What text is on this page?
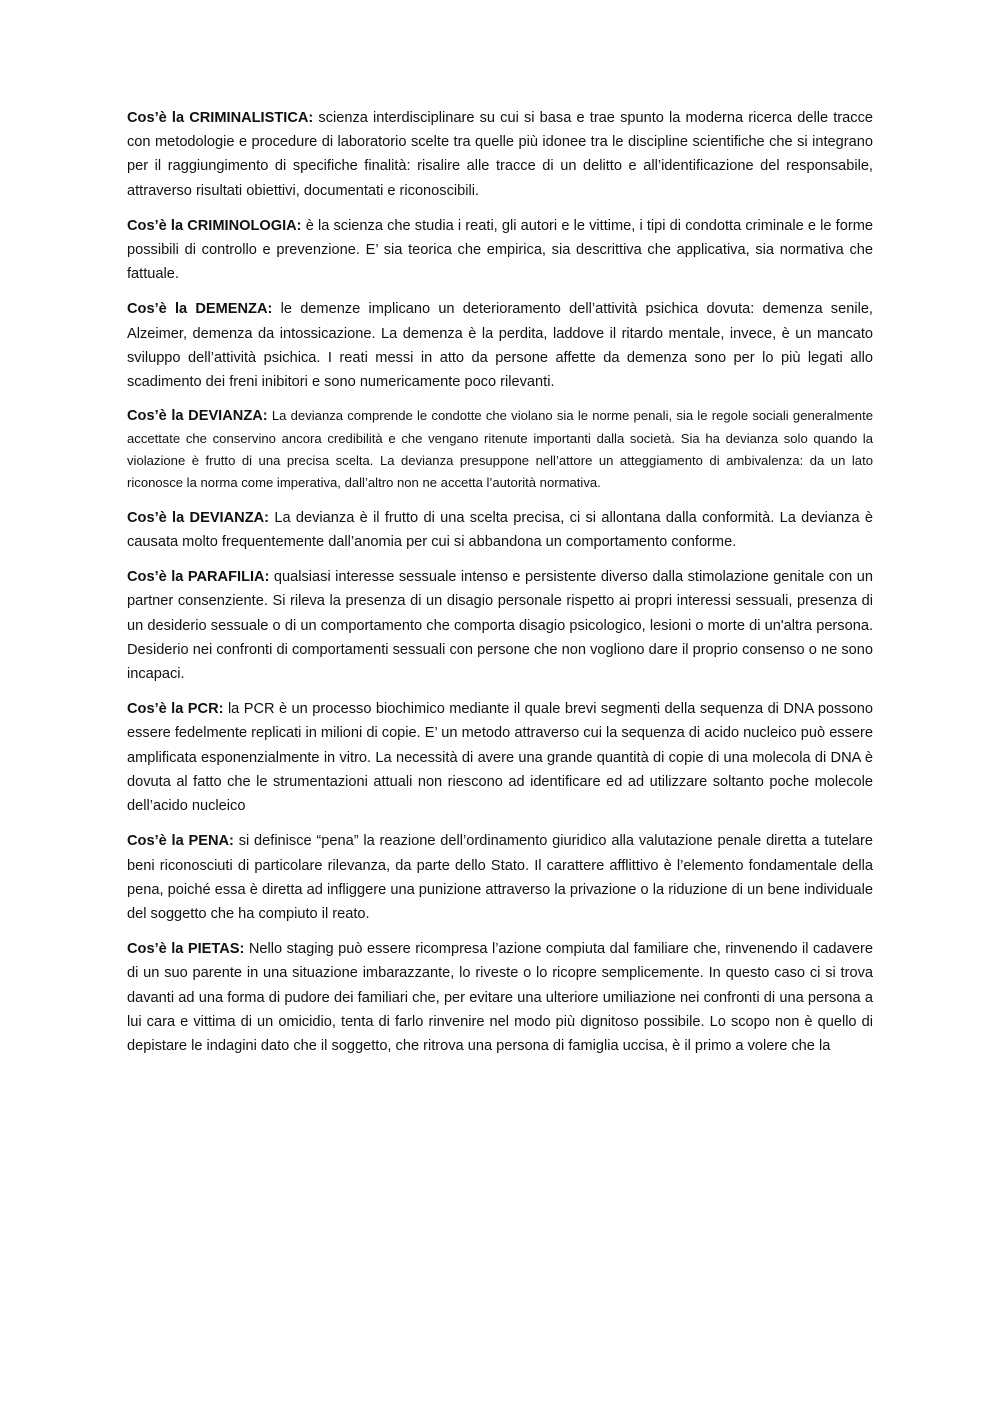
Cos’è la CRIMINALISTICA: scienza interdisciplinare su cui si basa e trae spunto la moderna ricerca delle tracce con metodologie e procedure di laboratorio scelte tra quelle più idonee tra le discipline scientifiche che si integrano per il raggiungimento di specifiche finalità: risalire alle tracce di un delitto e all’identificazione del responsabile, attraverso risultati obiettivi, documentati e riconoscibili.

Cos’è la CRIMINOLOGIA: è la scienza che studia i reati, gli autori e le vittime, i tipi di condotta criminale e le forme possibili di controllo e prevenzione. E’ sia teorica che empirica, sia descrittiva che applicativa, sia normativa che fattuale.

Cos’è la DEMENZA: le demenze implicano un deterioramento dell’attività psichica dovuta: demenza senile, Alzeimer, demenza da intossicazione. La demenza è la perdita, laddove il ritardo mentale, invece, è un mancato sviluppo dell’attività psichica. I reati messi in atto da persone affette da demenza sono per lo più legati allo scadimento dei freni inibitori e sono numericamente poco rilevanti.

Cos’è la DEVIANZA: La devianza comprende le condotte che violano sia le norme penali, sia le regole sociali generalmente accettate che conservino ancora credibilità e che vengano ritenute importanti dalla società. Sia ha devianza solo quando la violazione è frutto di una precisa scelta. La devianza presuppone nell’attore un atteggiamento di ambivalenza: da un lato riconosce la norma come imperativa, dall’altro non ne accetta l’autorità normativa.

Cos’è la DEVIANZA: La devianza è il frutto di una scelta precisa, ci si allontana dalla conformità. La devianza è causata molto frequentemente dall’anomia per cui si abbandona un comportamento conforme.

Cos’è la PARAFILIA: qualsiasi interesse sessuale intenso e persistente diverso dalla stimolazione genitale con un partner consenziente. Si rileva la presenza di un disagio personale rispetto ai propri interessi sessuali, presenza di un desiderio sessuale o di un comportamento che comporta disagio psicologico, lesioni o morte di un'altra persona. Desiderio nei confronti di comportamenti sessuali con persone che non vogliono dare il proprio consenso o ne sono incapaci.

Cos’è la PCR: la PCR è un processo biochimico mediante il quale brevi segmenti della sequenza di DNA possono essere fedelmente replicati in milioni di copie. E’ un metodo attraverso cui la sequenza di acido nucleico può essere amplificata esponenzialmente in vitro. La necessità di avere una grande quantità di copie di una molecola di DNA è dovuta al fatto che le strumentazioni attuali non riescono ad identificare ed ad utilizzare soltanto poche molecole dell’acido nucleico

Cos’è la PENA: si definisce “pena” la reazione dell’ordinamento giuridico alla valutazione penale diretta a tutelare beni riconosciuti di particolare rilevanza, da parte dello Stato. Il carattere afflittivo è l’elemento fondamentale della pena, poiché essa è diretta ad infliggere una punizione attraverso la privazione o la riduzione di un bene individuale del soggetto che ha compiuto il reato.

Cos’è la PIETAS: Nello staging può essere ricompresa l’azione compiuta dal familiare che, rinvenendo il cadavere di un suo parente in una situazione imbarazzante, lo riveste o lo ricopre semplicemente. In questo caso ci si trova davanti ad una forma di pudore dei familiari che, per evitare una ulteriore umiliazione nei confronti di una persona a lui cara e vittima di un omicidio, tenta di farlo rinvenire nel modo più dignitoso possibile. Lo scopo non è quello di depistare le indagini dato che il soggetto, che ritrova una persona di famiglia uccisa, è il primo a volere che la
